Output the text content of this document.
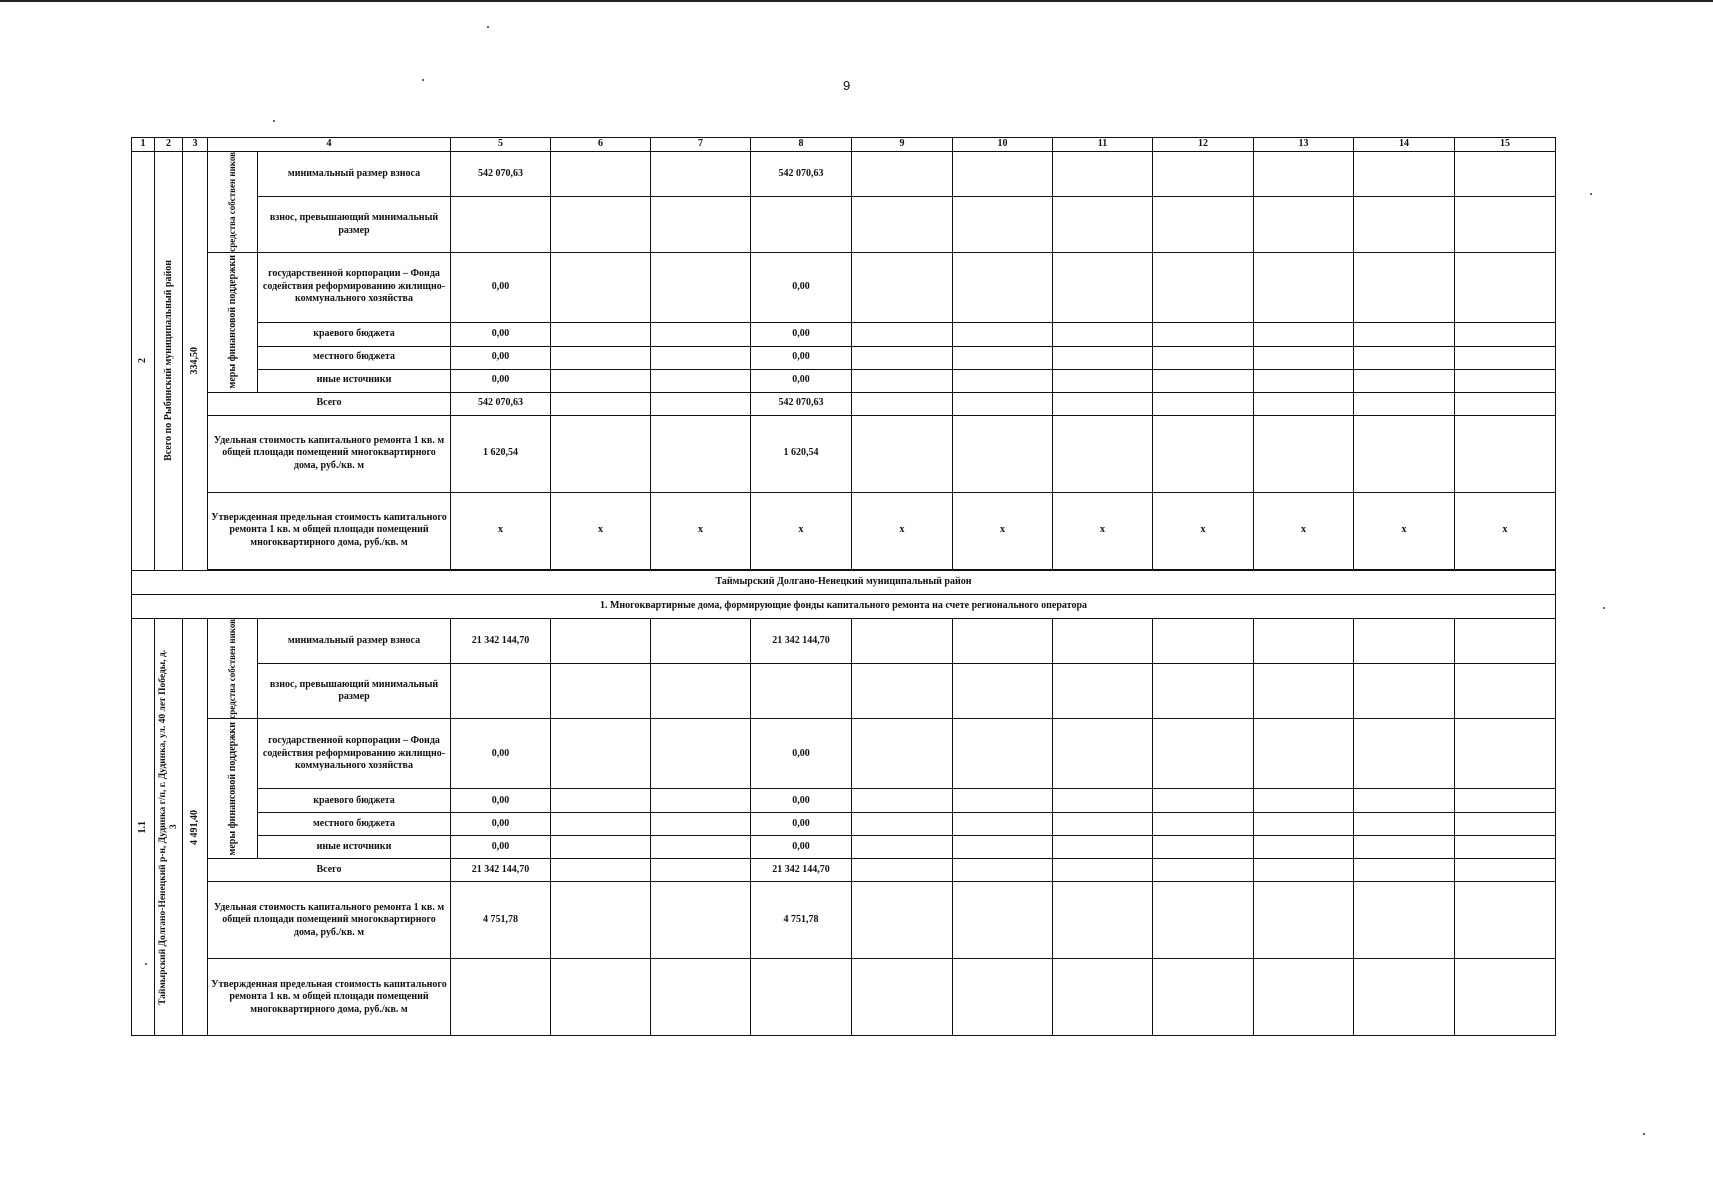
9
1	2	3	4		5	6	7	8	9	10	11	12	13	14	15

2	Всего по Рыбинский муниципальный район	334,50	средства собствен ников	минимальный размер взноса	542 070,63			542 070,63							
				взнос, превышающий минимальный размер											

			меры финансовой поддержки	государственной корпорации – Фонда содействия реформированию жилищно-коммунального хозяйства	0,00			0,00							
				краевого бюджета	0,00			0,00							
				местного бюджета	0,00			0,00							
				иные источники	0,00			0,00							
			Всего		542 070,63			542 070,63							
			Удельная стоимость капитального ремонта 1 кв. м общей площади помещений многоквартирного дома, руб./кв. м		1 620,54			1 620,54							
			Утвержденная предельная стоимость капитального ремонта 1 кв. м общей площади помещений многоквартирного дома, руб./кв. м		х	х	х	х	х	х	х	х	х	х	х

Таймырский Долгано-Ненецкий муниципальный район															
1. Многоквартирные дома, формирующие фонды капитального ремонта на счете регионального оператора															

1.1	Таймырский Долгано-Ненецкий р-н, Дудинка г/п, г. Дудинка, ул. 40 лет Победы, д. 3	4 491,40	средства собствен ников	минимальный размер взноса	21 342 144,70			21 342 144,70							
				взнос, превышающий минимальный размер											

			меры финансовой поддержки	государственной корпорации – Фонда содействия реформированию жилищно-коммунального хозяйства	0,00			0,00							
				краевого бюджета	0,00			0,00							
				местного бюджета	0,00			0,00							
				иные источники	0,00			0,00							
			Всего		21 342 144,70			21 342 144,70							
			Удельная стоимость капитального ремонта 1 кв. м общей площади помещений многоквартирного дома, руб./кв. м		4 751,78			4 751,78							
			Утвержденная предельная стоимость капитального ремонта 1 кв. м общей площади помещений многоквартирного дома, руб./кв. м												
